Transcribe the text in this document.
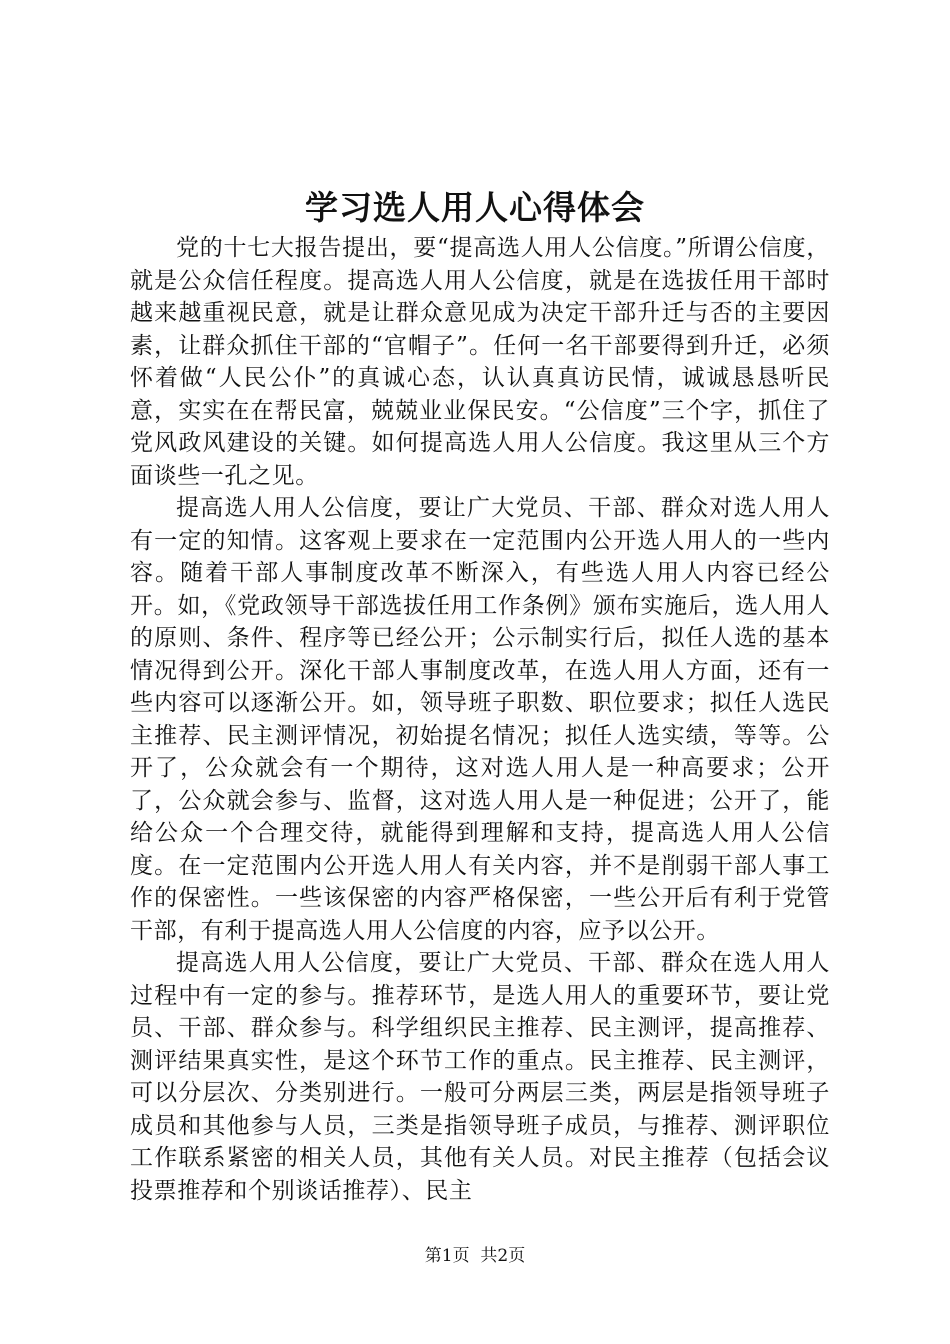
学习选人用人心得体会

党的十七大报告提出，要“提高选人用人公信度。”所谓公信度，就是公众信任程度。提高选人用人公信度，就是在选拔任用干部时越来越重视民意，就是让群众意见成为决定干部升迁与否的主要因素，让群众抓住干部的“官帽子”。任何一名干部要得到升迁，必须怀着做“人民公仆”的真诚心态，认认真真访民情，诚诚恳恳听民意，实实在在帮民富，兢兢业业保民安。“公信度”三个字，抓住了党风政风建设的关键。如何提高选人用人公信度。我这里从三个方面谈些一孔之见。

提高选人用人公信度，要让广大党员、干部、群众对选人用人有一定的知情。这客观上要求在一定范围内公开选人用人的一些内容。随着干部人事制度改革不断深入，有些选人用人内容已经公开。如，《党政领导干部选拔任用工作条例》颁布实施后，选人用人的原则、条件、程序等已经公开；公示制实行后，拟任人选的基本情况得到公开。深化干部人事制度改革，在选人用人方面，还有一些内容可以逐渐公开。如，领导班子职数、职位要求；拟任人选民主推荐、民主测评情况，初始提名情况；拟任人选实绩，等等。公开了，公众就会有一个期待，这对选人用人是一种高要求；公开了，公众就会参与、监督，这对选人用人是一种促进；公开了，能给公众一个合理交待，就能得到理解和支持，提高选人用人公信度。在一定范围内公开选人用人有关内容，并不是削弱干部人事工作的保密性。一些该保密的内容严格保密，一些公开后有利于党管干部，有利于提高选人用人公信度的内容，应予以公开。

提高选人用人公信度，要让广大党员、干部、群众在选人用人过程中有一定的参与。推荐环节，是选人用人的重要环节，要让党员、干部、群众参与。科学组织民主推荐、民主测评，提高推荐、测评结果真实性，是这个环节工作的重点。民主推荐、民主测评，可以分层次、分类别进行。一般可分两层三类，两层是指领导班子成员和其他参与人员，三类是指领导班子成员，与推荐、测评职位工作联系紧密的相关人员，其他有关人员。对民主推荐（包括会议投票推荐和个别谈话推荐）、民主

第1页 共2页
